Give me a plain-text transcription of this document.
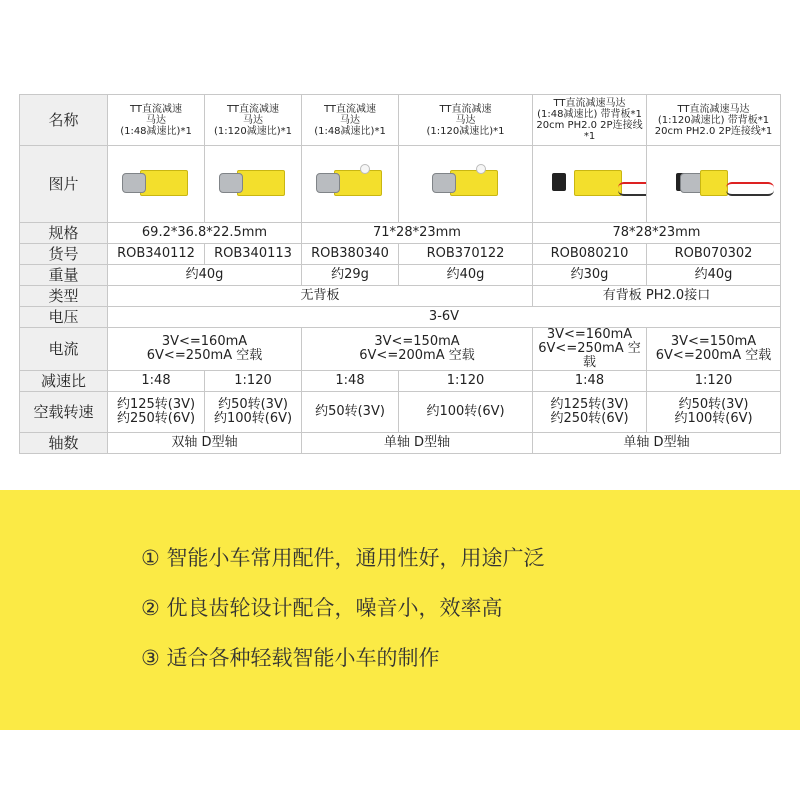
名称	TT直流减速
马达
(1:48减速比)*1	TT直流减速
马达
(1:120减速比)*1	TT直流减速
马达
(1:48减速比)*1	TT直流减速
马达
(1:120减速比)*1	TT直流减速马达
(1:48减速比) 带背板*1
20cm PH2.0 2P连接线*1	TT直流减速马达
(1:120减速比) 带背板*1
20cm PH2.0 2P连接线*1
图片	

规格	69.2*36.8*22.5mm		71*28*23mm		78*28*23mm	
货号	ROB340112	ROB340113	ROB380340	ROB370122	ROB080210	ROB070302
重量	约40g		约29g	约40g	约30g	约40g
类型	无背板				有背板 PH2.0接口	
电压	3-6V					
电流	3V<=160mA
6V<=250mA 空载		3V<=150mA
6V<=200mA 空载		3V<=160mA
6V<=250mA 空载	3V<=150mA
6V<=200mA 空载
减速比	1:48	1:120	1:48	1:120	1:48	1:120
空载转速	约125转(3V)
约250转(6V)	约50转(3V)
约100转(6V)	约50转(3V)	约100转(6V)	约125转(3V)
约250转(6V)	约50转(3V)
约100转(6V)
轴数	双轴 D型轴		单轴 D型轴		单轴 D型轴	
① 智能小车常用配件，通用性好，用途广泛
② 优良齿轮设计配合，噪音小，效率高
③ 适合各种轻载智能小车的制作
